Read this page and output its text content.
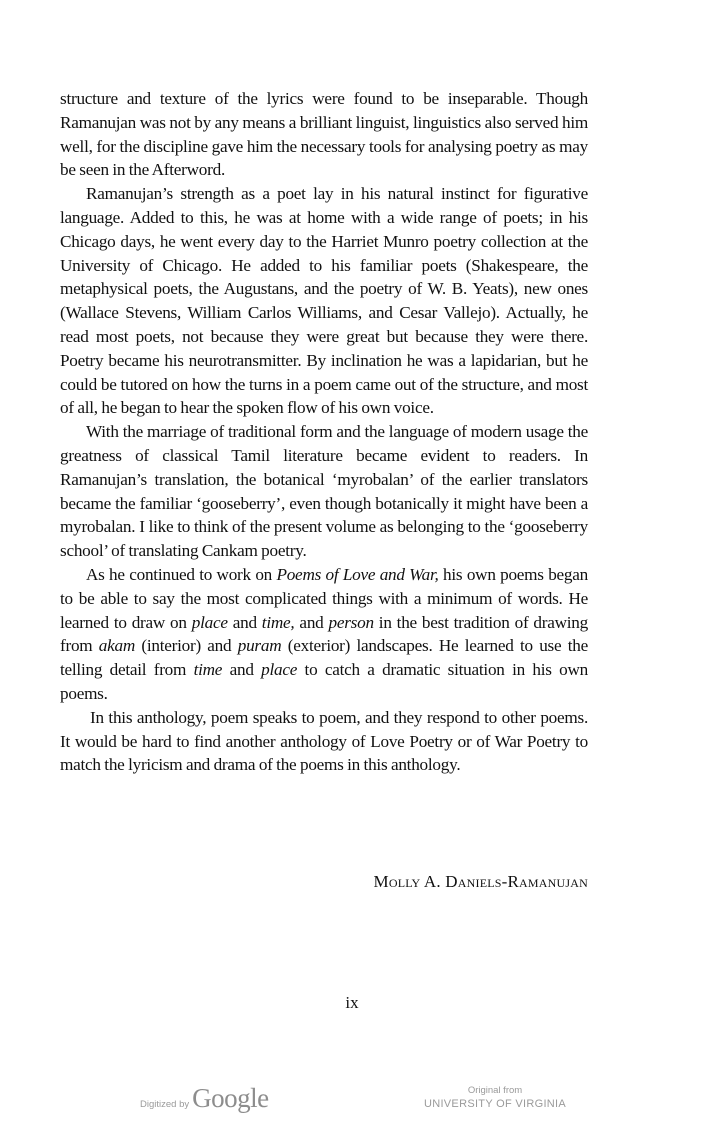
structure and texture of the lyrics were found to be inseparable. Though Ramanujan was not by any means a brilliant linguist, linguistics also served him well, for the discipline gave him the necessary tools for analysing poetry as may be seen in the Afterword.

Ramanujan’s strength as a poet lay in his natural instinct for figurative language. Added to this, he was at home with a wide range of poets; in his Chicago days, he went every day to the Harriet Munro poetry collection at the University of Chicago. He added to his familiar poets (Shakespeare, the metaphysical poets, the Augustans, and the poetry of W. B. Yeats), new ones (Wallace Stevens, William Carlos Williams, and Cesar Vallejo). Actually, he read most poets, not because they were great but because they were there. Poetry became his neurotransmitter. By inclination he was a lapidarian, but he could be tutored on how the turns in a poem came out of the structure, and most of all, he began to hear the spoken flow of his own voice.

With the marriage of traditional form and the language of modern usage the greatness of classical Tamil literature became evident to readers. In Ramanujan’s translation, the botanical ‘myrobalan’ of the earlier translators became the familiar ‘gooseberry’, even though botanically it might have been a myrobalan. I like to think of the present volume as belonging to the ‘gooseberry school’ of translating Cankam poetry.

As he continued to work on Poems of Love and War, his own poems began to be able to say the most complicated things with a minimum of words. He learned to draw on place and time, and person in the best tradition of drawing from akam (interior) and puram (exterior) landscapes. He learned to use the telling detail from time and place to catch a dramatic situation in his own poems.

In this anthology, poem speaks to poem, and they respond to other poems. It would be hard to find another anthology of Love Poetry or of War Poetry to match the lyricism and drama of the poems in this anthology.

Molly A. Daniels-Ramanujan
ix
Digitized by Google	Original from
UNIVERSITY OF VIRGINIA
